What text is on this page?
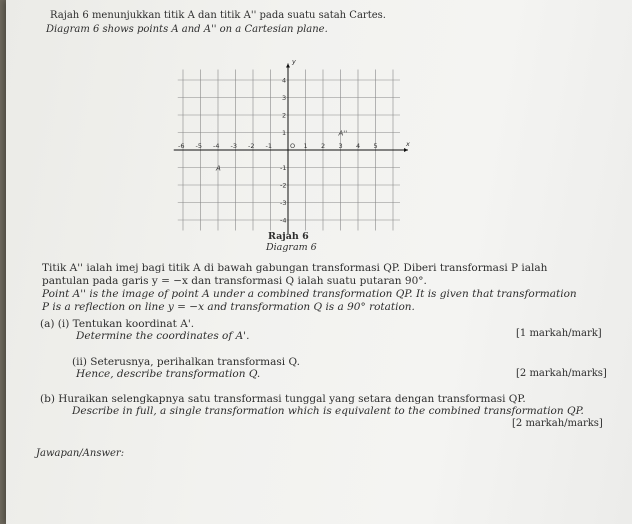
Rajah 6 menunjukkan titik A dan titik A'' pada suatu satah Cartes.
Diagram 6 shows points A and A'' on a Cartesian plane.
y
x
O
-6 -5 -4 -3 -2 -1	1 2 3 4 5
4
3
2
1
-1
-2
-3
-4
A
A''
Rajah 6
Diagram 6
Titik A'' ialah imej bagi titik A di bawah gabungan transformasi QP. Diberi transformasi P ialah
pantulan pada garis y = −x dan transformasi Q ialah suatu putaran 90°.
Point A'' is the image of point A under a combined transformation QP. It is given that transformation
P is a reflection on line y = −x and transformation Q is a 90° rotation.
(a) (i) Tentukan koordinat A'.
Determine the coordinates of A'.	[1 markah/mark]
(ii) Seterusnya, perihalkan transformasi Q.
Hence, describe transformation Q.	[2 markah/marks]
(b) Huraikan selengkapnya satu transformasi tunggal yang setara dengan transformasi QP.
Describe in full, a single transformation which is equivalent to the combined transformation QP.
[2 markah/marks]
Jawapan/Answer:
